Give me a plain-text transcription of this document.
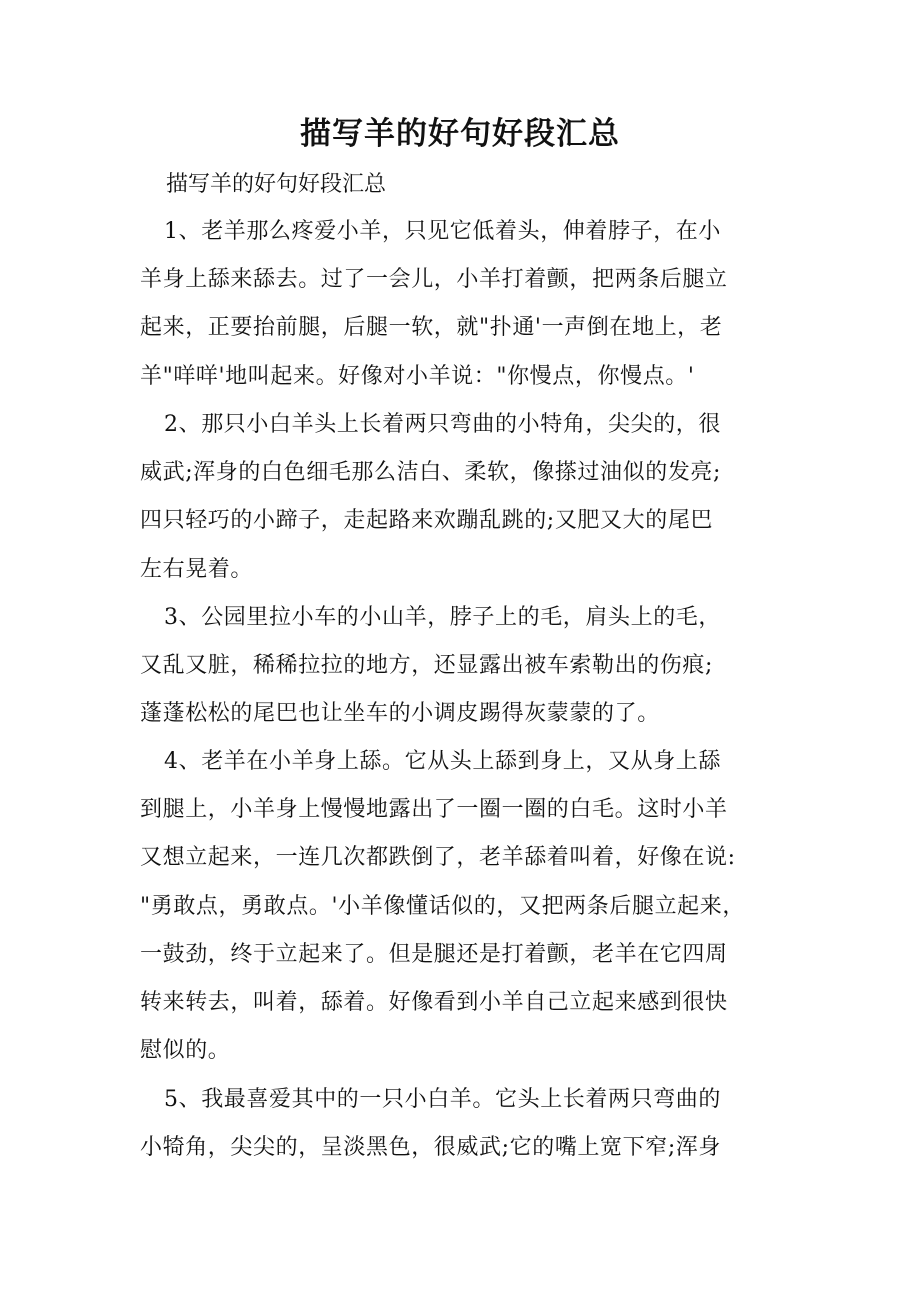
描写羊的好句好段汇总

描写羊的好句好段汇总

1、老羊那么疼爱小羊，只见它低着头，伸着脖子，在小
羊身上舔来舔去。过了一会儿，小羊打着颤，把两条后腿立
起来，正要抬前腿，后腿一软，就"扑通'一声倒在地上，老
羊"咩咩'地叫起来。好像对小羊说："你慢点，你慢点。'
2、那只小白羊头上长着两只弯曲的小特角，尖尖的，很
威武;浑身的白色细毛那么洁白、柔软，像搽过油似的发亮;
四只轻巧的小蹄子，走起路来欢蹦乱跳的;又肥又大的尾巴
左右晃着。
3、公园里拉小车的小山羊，脖子上的毛，肩头上的毛，
又乱又脏，稀稀拉拉的地方，还显露出被车索勒出的伤痕;
蓬蓬松松的尾巴也让坐车的小调皮踢得灰蒙蒙的了。
4、老羊在小羊身上舔。它从头上舔到身上，又从身上舔
到腿上，小羊身上慢慢地露出了一圈一圈的白毛。这时小羊
又想立起来，一连几次都跌倒了，老羊舔着叫着，好像在说:
"勇敢点，勇敢点。'小羊像懂话似的，又把两条后腿立起来，
一鼓劲，终于立起来了。但是腿还是打着颤，老羊在它四周
转来转去，叫着，舔着。好像看到小羊自己立起来感到很快
慰似的。
5、我最喜爱其中的一只小白羊。它头上长着两只弯曲的
小犄角，尖尖的，呈淡黑色，很威武;它的嘴上宽下窄;浑身
